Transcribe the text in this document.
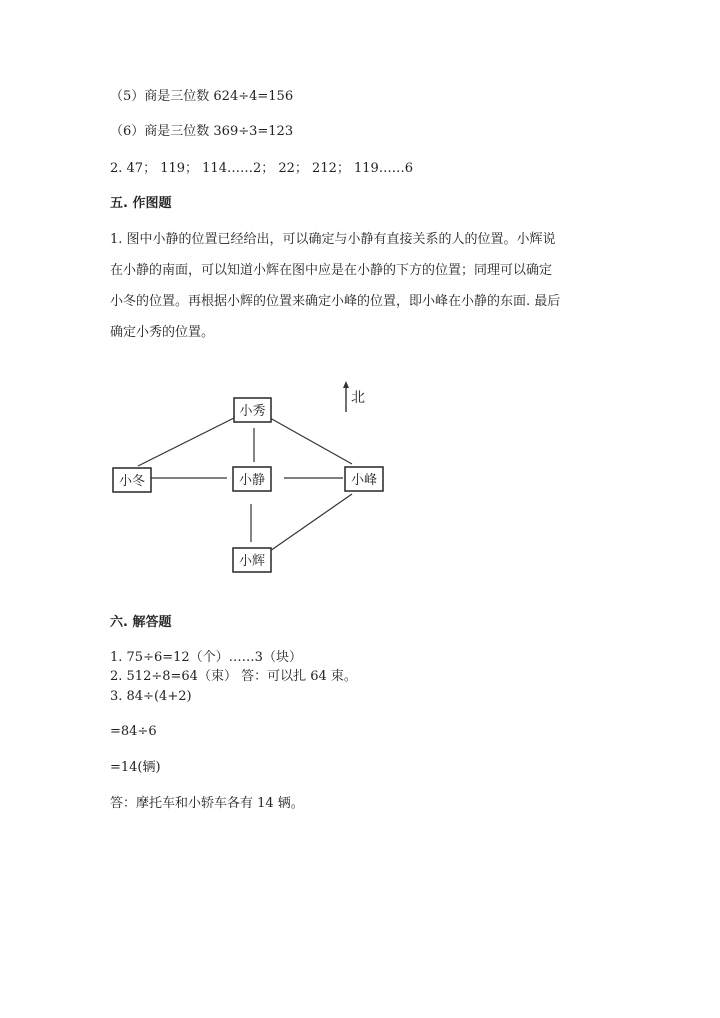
（5）商是三位数 624÷4=156
（6）商是三位数 369÷3=123
2. 47； 119； 114……2； 22； 212； 119……6
五. 作图题
1. 图中小静的位置已经给出，可以确定与小静有直接关系的人的位置。小辉说
在小静的南面，可以知道小辉在图中应是在小静的下方的位置；同理可以确定
小冬的位置。再根据小辉的位置来确定小峰的位置，即小峰在小静的东面. 最后
确定小秀的位置。
北
小秀
小冬	小静	小峰
小辉
六. 解答题
1. 75÷6=12（个）……3（块）
2. 512÷8=64（束） 答：可以扎 64 束。
3. 84÷(4+2)
=84÷6
=14(辆)
答：摩托车和小轿车各有 14 辆。
